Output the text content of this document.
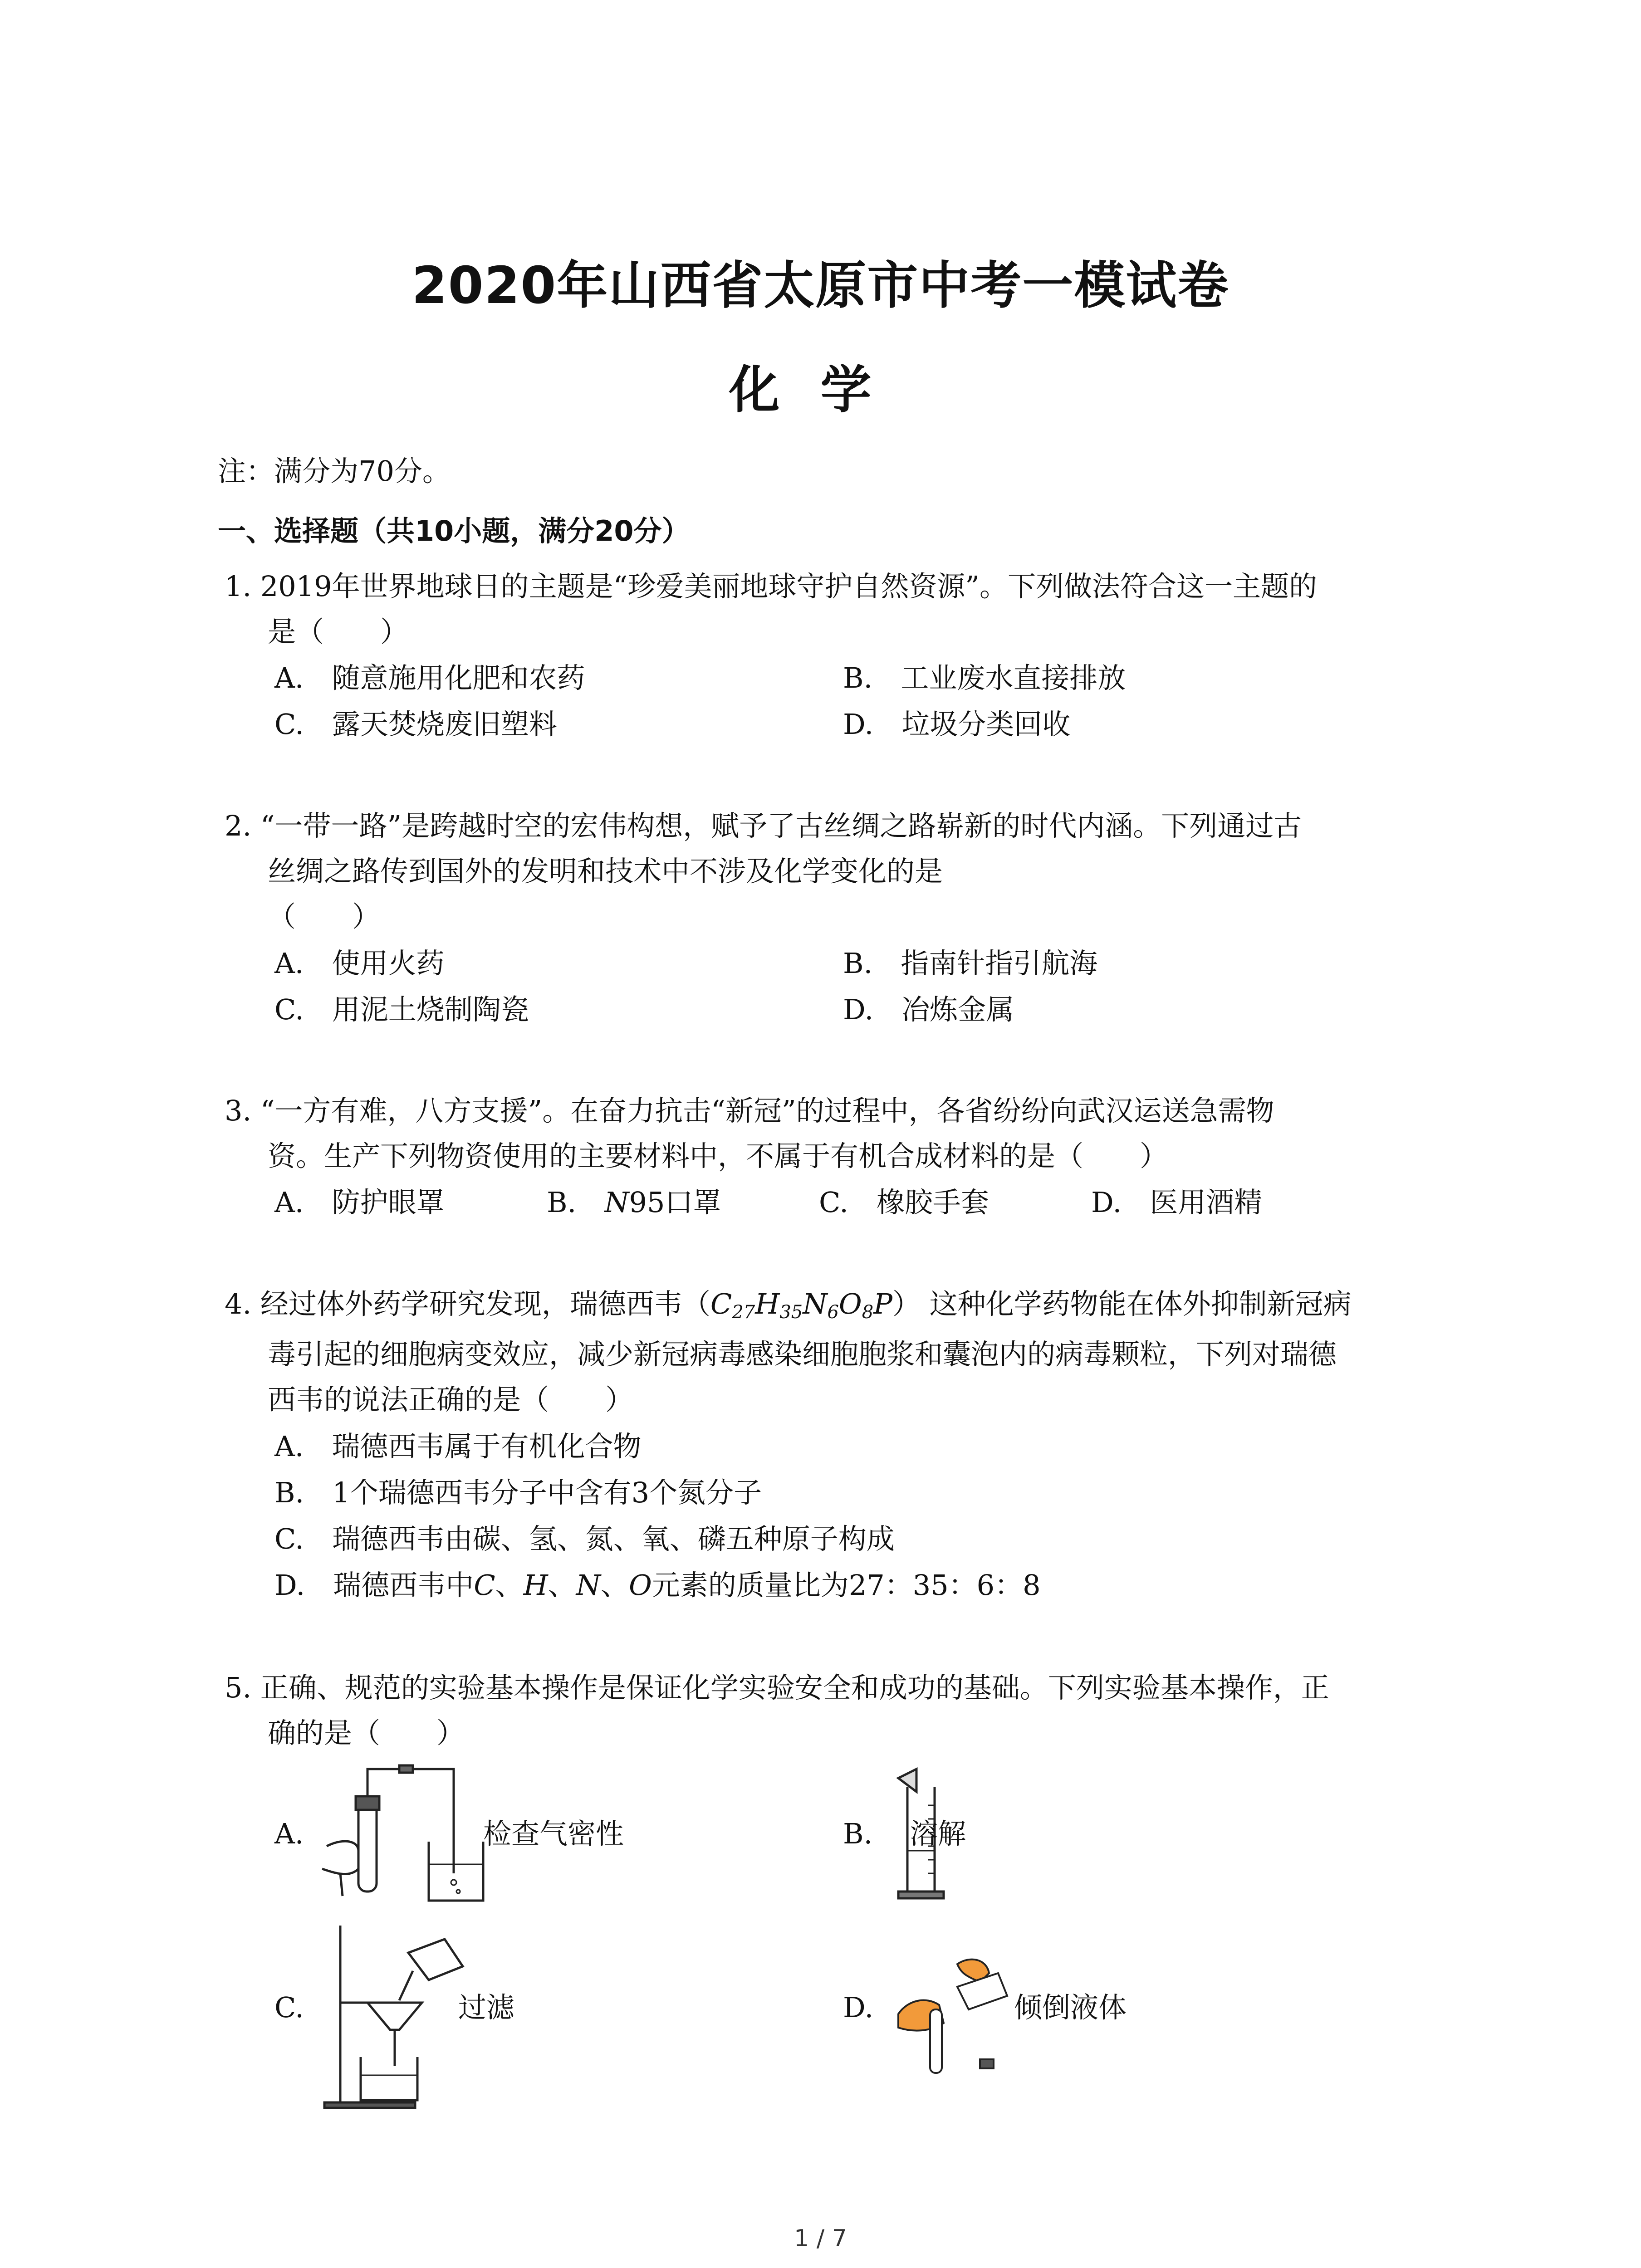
2020年山西省太原市中考一模试卷
化学
注：满分为70分。
一、选择题（共10小题，满分20分）
1. 2019年世界地球日的主题是“珍爱美丽地球守护自然资源”。下列做法符合这一主题的
是（　　）
A.　随意施用化肥和农药	B.　工业废水直接排放
C.　露天焚烧废旧塑料	D.　垃圾分类回收
2. “一带一路”是跨越时空的宏伟构想，赋予了古丝绸之路崭新的时代内涵。下列通过古
丝绸之路传到国外的发明和技术中不涉及化学变化的是
（　　）
A.　使用火药	B.　指南针指引航海
C.　用泥土烧制陶瓷	D.　冶炼金属
3. “一方有难，八方支援”。在奋力抗击“新冠”的过程中，各省纷纷向武汉运送急需物
资。生产下列物资使用的主要材料中，不属于有机合成材料的是（　　）
A.　防护眼罩	B.　N95口罩	C.　橡胶手套	D.　医用酒精
4. 经过体外药学研究发现，瑞德西韦$(C_{27}H_{35}N_6O_8P)$ 这种化学药物能在体外抑制新冠病
毒引起的细胞病变效应，减少新冠病毒感染细胞胞浆和囊泡内的病毒颗粒，下列对瑞德
西韦的说法正确的是（　　）
A.　瑞德西韦属于有机化合物
B.　1个瑞德西韦分子中含有3个氮分子
C.　瑞德西韦由碳、氢、氮、氧、磷五种原子构成
D.　瑞德西韦中C、H、N、O元素的质量比为27：35：6：8
5. 正确、规范的实验基本操作是保证化学实验安全和成功的基础。下列实验基本操作，正
确的是（　　）
A.	检查气密性	B. 溶解
C.	过滤	D.	倾倒液体
1 / 7
